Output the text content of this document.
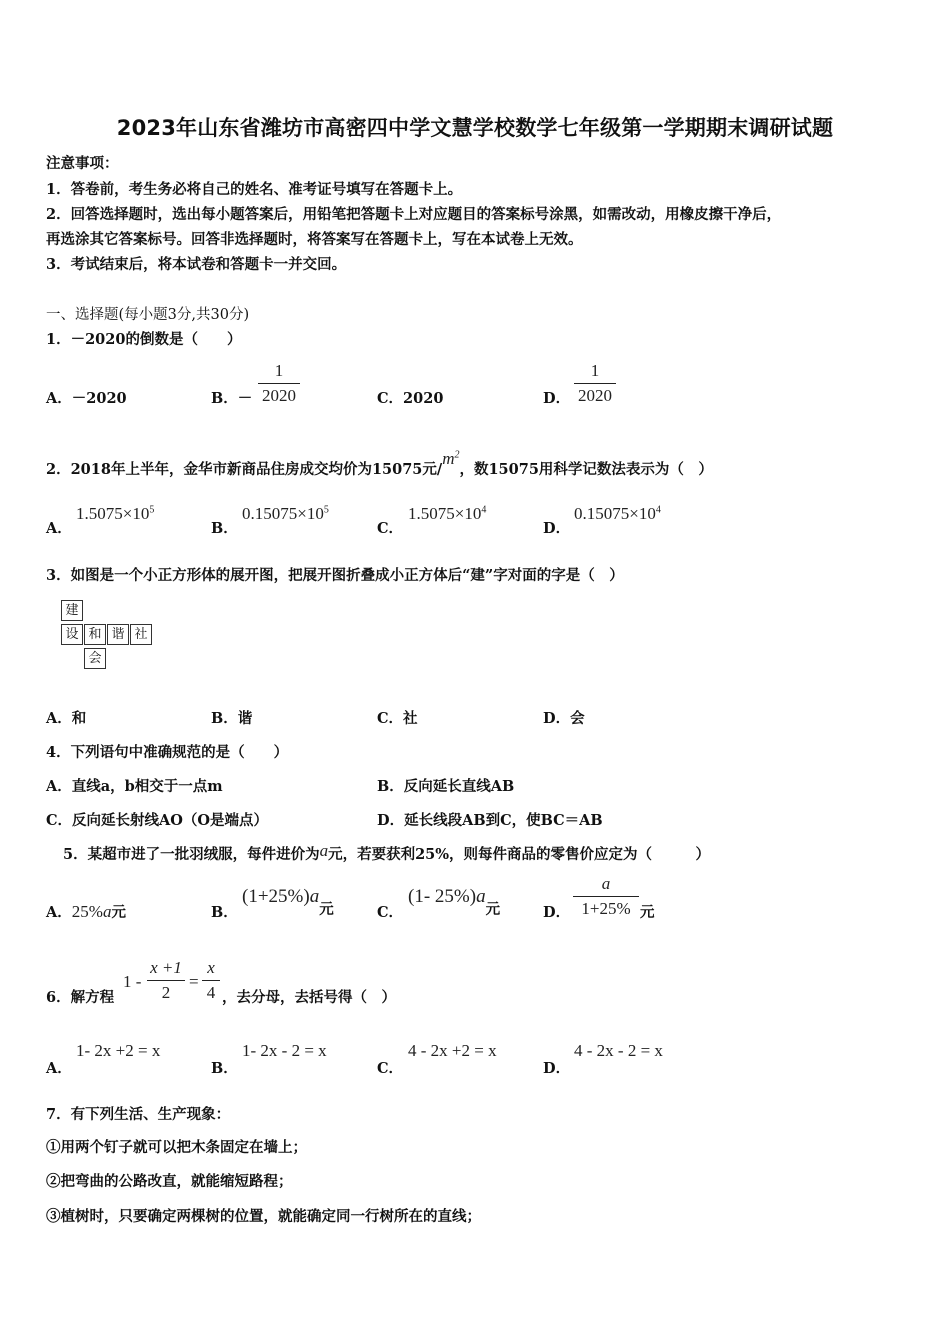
2023年山东省潍坊市高密四中学文慧学校数学七年级第一学期期末调研试题
注意事项：
1．答卷前，考生务必将自己的姓名、准考证号填写在答题卡上。
2．回答选择题时，选出每小题答案后，用铅笔把答题卡上对应题目的答案标号涂黑，如需改动，用橡皮擦干净后，
再选涂其它答案标号。回答非选择题时，将答案写在答题卡上，写在本试卷上无效。
3．考试结束后，将本试卷和答题卡一并交回。
一、选择题(每小题3分,共30分)
1．－2020的倒数是（　　）
A．－2020	B．－
1
2020	C．2020	D．
1
2020
2．2018年上半年，金华市新商品住房成交均价为15075元$/m^2$，数15075用科学记数法表示为（　）
A．
$1.5075\times 10^5$
B．
$0.15075\times 10^5$
C．
$1.5075\times 10^4$
D．
$0.15075\times 10^4$
3．如图是一个小正方形体的展开图，把展开图折叠成小正方体后“建”字对面的字是（　）
建
设 和 谐 社
会
A．和	B．谐	C．社	D．会
4．下列语句中准确规范的是（　　）
A．直线a，b相交于一点m	B．反向延长直线AB
C．反向延长射线AO（O是端点）	D．延长线段AB到C，使BC＝AB
5．某超市进了一批羽绒服，每件进价为a元，若要获利25%，则每件商品的零售价应定为（　　　）
A．25%a元	B．
(1+25%)a元	C．
(1- 25%)a元	D．
a
1+25% 元
6．解方程
1 -
x +1
2
=
x
4 ，去分母，去括号得（　）
A．
1- 2x +2 = x
B．
1- 2x - 2 = x
C．
4 - 2x +2 = x
D．
4 - 2x - 2 = x
7．有下列生活、生产现象：
①用两个钉子就可以把木条固定在墙上；
②把弯曲的公路改直，就能缩短路程；
③植树时，只要确定两棵树的位置，就能确定同一行树所在的直线；
